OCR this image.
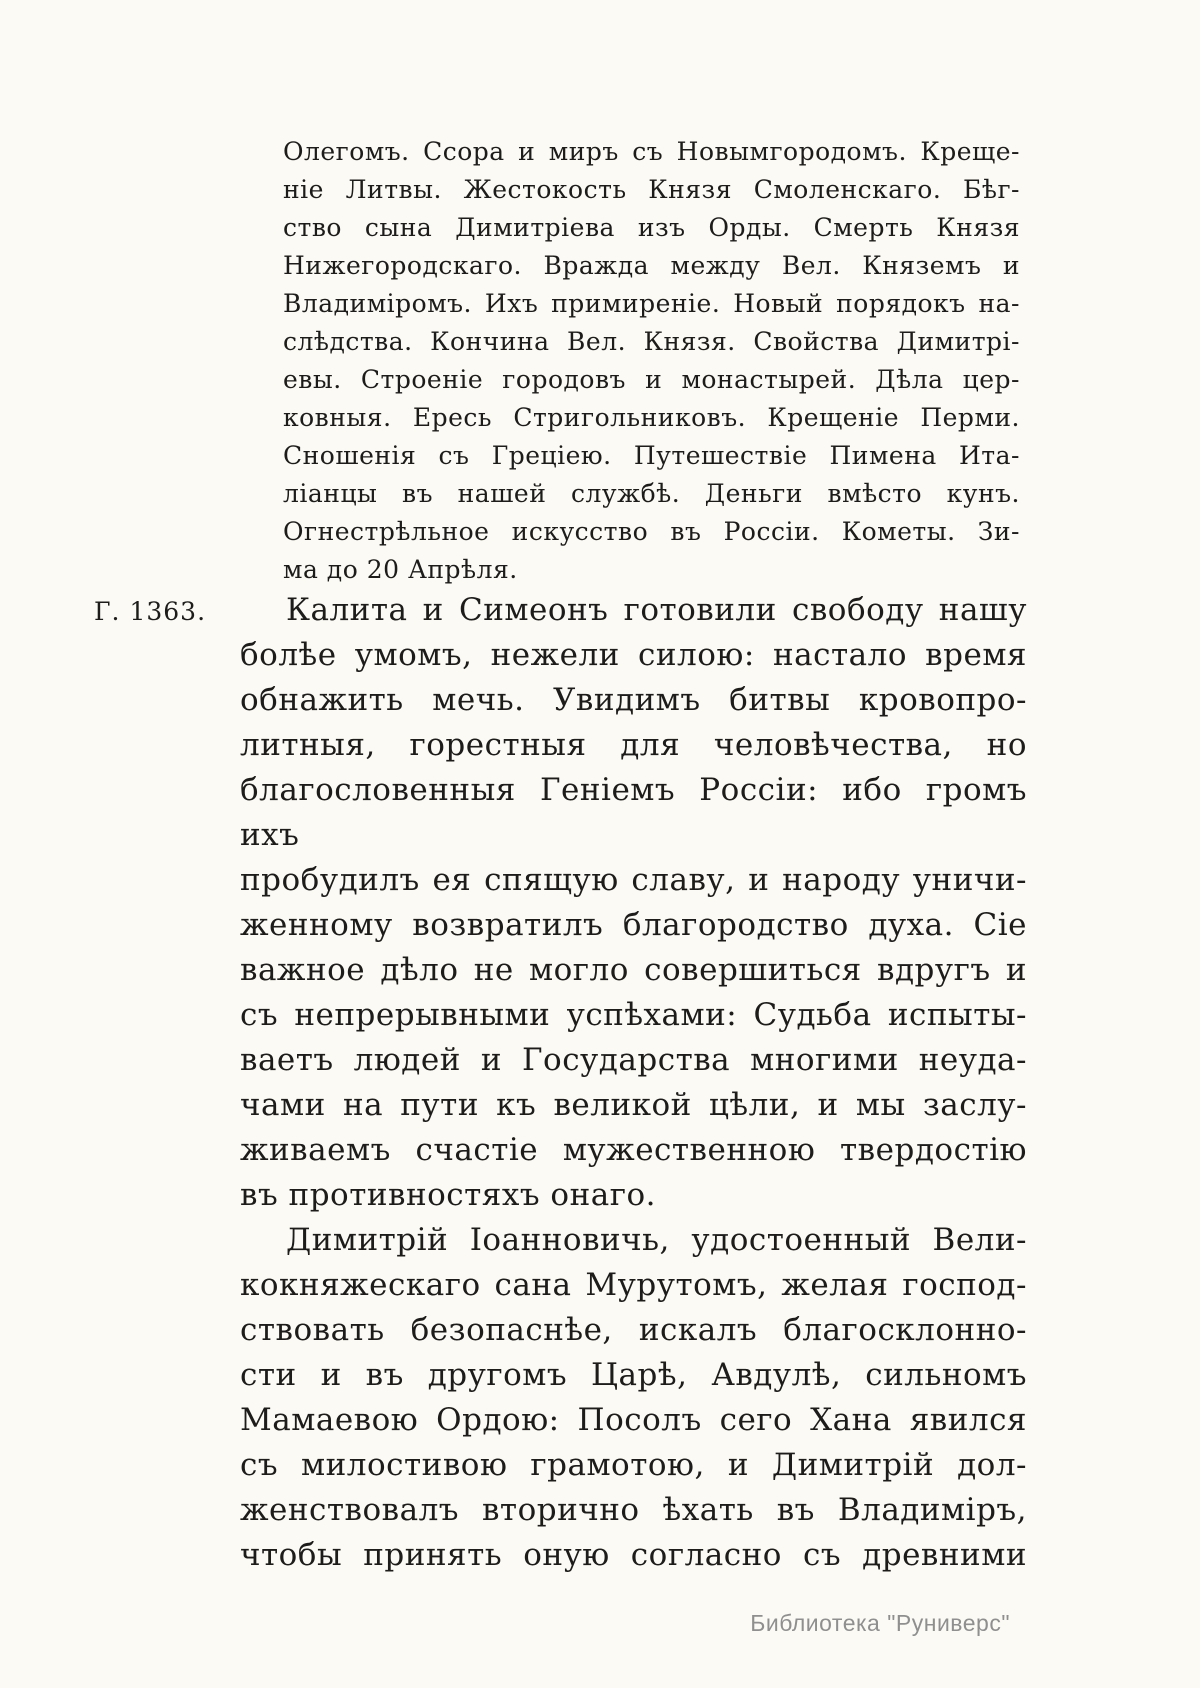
Олегомъ. Ссора и миръ съ Новымгородомъ. Креще-
ніе Литвы. Жестокость Князя Смоленскаго. Бѣг-
ство сына Димитріева изъ Орды. Смерть Князя
Нижегородскаго. Вражда между Вел. Княземъ и
Владиміромъ. Ихъ примиреніе. Новый порядокъ на-
слѣдства. Кончина Вел. Князя. Свойства Димитрі-
евы. Строеніе городовъ и монастырей. Дѣла цер-
ковныя. Ересь Стригольниковъ. Крещеніе Перми.
Сношенія съ Греціею. Путешествіе Пимена Ита-
ліанцы въ нашей службѣ. Деньги вмѣсто кунъ.
Огнестрѣльное искусство въ Россіи. Кометы. Зи-
ма до 20 Апрѣля.
Г. 1363.	Калита и Симеонъ готовили свободу нашу
болѣе умомъ, нежели силою: настало время
обнажить мечь. Увидимъ битвы кровопро-
литныя, горестныя для человѣчества, но
благословенныя Геніемъ Россіи: ибо громъ ихъ
пробудилъ ея спящую славу, и народу уничи-
женному возвратилъ благородство духа. Сіе
важное дѣло не могло совершиться вдругъ и
съ непрерывными успѣхами: Судьба испыты-
ваетъ людей и Государства многими неуда-
чами на пути къ великой цѣли, и мы заслу-
живаемъ счастіе мужественною твердостію
въ противностяхъ онаго.
Димитрій Іоанновичь, удостоенный Вели-
кокняжескаго сана Мурутомъ, желая господ-
ствовать безопаснѣе, искалъ благосклонно-
сти и въ другомъ Царѣ, Авдулѣ, сильномъ
Мамаевою Ордою: Посолъ сего Хана явился
съ милостивою грамотою, и Димитрій дол-
женствовалъ вторично ѣхать въ Владиміръ,
чтобы принять оную согласно съ древними
Библиотека "Руниверс"
